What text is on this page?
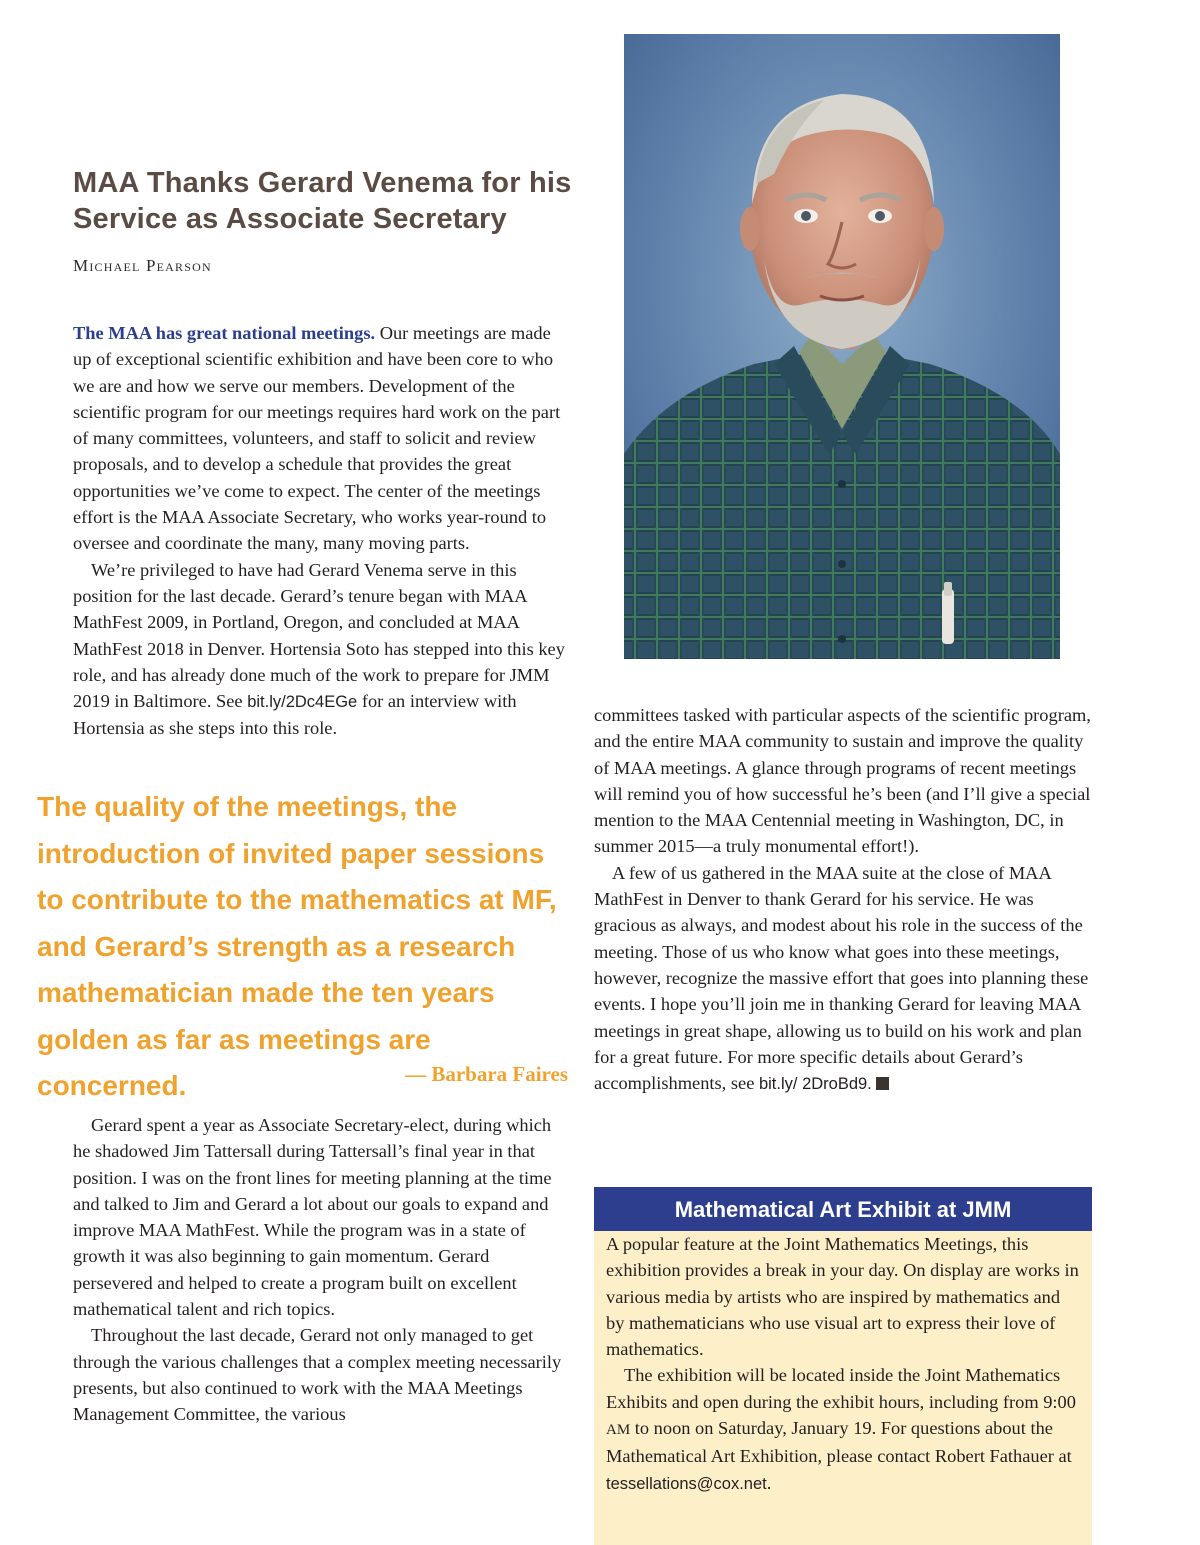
MAA Thanks Gerard Venema for his
Service as Associate Secretary

Michael Pearson

The MAA has great national meetings. Our meetings are made up of exceptional scientific exhibition and have been core to who we are and how we serve our members. Development of the scientific program for our meetings requires hard work on the part of many committees, volunteers, and staff to solicit and review proposals, and to develop a schedule that provides the great opportunities we’ve come to expect. The center of the meetings effort is the MAA Associate Secretary, who works year-round to oversee and coordinate the many, many moving parts.

We’re privileged to have had Gerard Venema serve in this position for the last decade. Gerard’s tenure began with MAA MathFest 2009, in Portland, Oregon, and concluded at MAA MathFest 2018 in Denver. Hortensia Soto has stepped into this key role, and has already done much of the work to prepare for JMM 2019 in Baltimore. See bit.ly/2Dc4EGe for an interview with Hortensia as she steps into this role.

The quality of the meetings, the introduction of invited paper sessions to contribute to the mathematics at MF, and Gerard’s strength as a research mathematician made the ten years golden as far as meetings are concerned.	— Barbara Faires

Gerard spent a year as Associate Secretary-elect, during which he shadowed Jim Tattersall during Tattersall’s final year in that position. I was on the front lines for meeting planning at the time and talked to Jim and Gerard a lot about our goals to expand and improve MAA MathFest. While the program was in a state of growth it was also beginning to gain momentum. Gerard persevered and helped to create a program built on excellent mathematical talent and rich topics.

Throughout the last decade, Gerard not only managed to get through the various challenges that a complex meeting necessarily presents, but also continued to work with the MAA Meetings Management Committee, the various

committees tasked with particular aspects of the scientific program, and the entire MAA community to sustain and improve the quality of MAA meetings. A glance through programs of recent meetings will remind you of how successful he’s been (and I’ll give a special mention to the MAA Centennial meeting in Washington, DC, in summer 2015—a truly monumental effort!).

A few of us gathered in the MAA suite at the close of MAA MathFest in Denver to thank Gerard for his service. He was gracious as always, and modest about his role in the success of the meeting. Those of us who know what goes into these meetings, however, recognize the massive effort that goes into planning these events. I hope you’ll join me in thanking Gerard for leaving MAA meetings in great shape, allowing us to build on his work and plan for a great future. For more specific details about Gerard’s accomplishments, see bit.ly/ 2DroBd9.

Mathematical Art Exhibit at JMM

A popular feature at the Joint Mathematics Meetings, this exhibition provides a break in your day. On display are works in various media by artists who are inspired by mathematics and by mathematicians who use visual art to express their love of mathematics.

The exhibition will be located inside the Joint Mathematics Exhibits and open during the exhibit hours, including from 9:00 AM to noon on Saturday, January 19. For questions about the Mathematical Art Exhibition, please contact Robert Fathauer at tessellations@cox.net.
